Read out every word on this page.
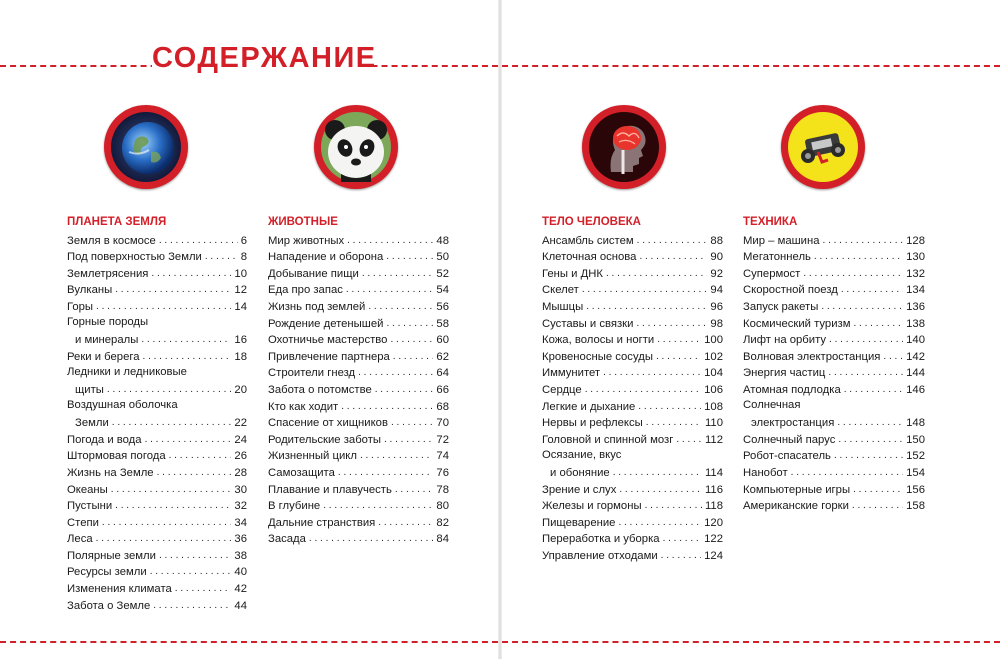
СОДЕРЖАНИЕ
ПЛАНЕТА ЗЕМЛЯ
Земля в космосе . . .	6
Под поверхностью Земли . . .	8
Землетрясения . . .	10
Вулканы . . .	12
Горы . . .	14
Горные породы
и минералы . . .	16
Реки и берега . . .	18
Ледники и ледниковые
щиты . . .	20
Воздушная оболочка
Земли . . .	22
Погода и вода . . .	24
Штормовая погода . . .	26
Жизнь на Земле . . .	28
Океаны . . .	30
Пустыни . . .	32
Степи . . .	34
Леса . . .	36
Полярные земли . . .	38
Ресурсы земли . . .	40
Изменения климата . . .	42
Забота о Земле . . .	44
ЖИВОТНЫЕ
Мир животных . . .	48
Нападение и оборона . . .	50
Добывание пищи . . .	52
Еда про запас . . .	54
Жизнь под землей . . .	56
Рождение детенышей . . .	58
Охотничье мастерство . . .	60
Привлечение партнера . . .	62
Строители гнезд . . .	64
Забота о потомстве . . .	66
Кто как ходит . . .	68
Спасение от хищников . . .	70
Родительские заботы . . .	72
Жизненный цикл . . .	74
Самозащита . . .	76
Плавание и плавучесть . . .	78
В глубине . . .	80
Дальние странствия . . .	82
Засада . . .	84
ТЕЛО ЧЕЛОВЕКА
Ансамбль систем . . .	88
Клеточная основа . . .	90
Гены и ДНК . . .	92
Скелет . . .	94
Мышцы . . .	96
Суставы и связки . . .	98
Кожа, волосы и ногти . . .	100
Кровеносные сосуды . . .	102
Иммунитет . . .	104
Сердце . . .	106
Легкие и дыхание . . .	108
Нервы и рефлексы . . .	110
Головной и спинной мозг . . .	112
Осязание, вкус
и обоняние . . .	114
Зрение и слух . . .	116
Железы и гормоны . . .	118
Пищеварение . . .	120
Переработка и уборка . . .	122
Управление отходами . . .	124
ТЕХНИКА
Мир – машина . . .	128
Мегатоннель . . .	130
Супермост . . .	132
Скоростной поезд . . .	134
Запуск ракеты . . .	136
Космический туризм . . .	138
Лифт на орбиту . . .	140
Волновая электростанция . . . 142
Энергия частиц . . .	144
Атомная подлодка . . .	146
Солнечная
электростанция . . .	148
Солнечный парус . . .	150
Робот-спасатель . . .	152
Нанобот . . .	154
Компьютерные игры . . .	156
Американские горки . . .	158
